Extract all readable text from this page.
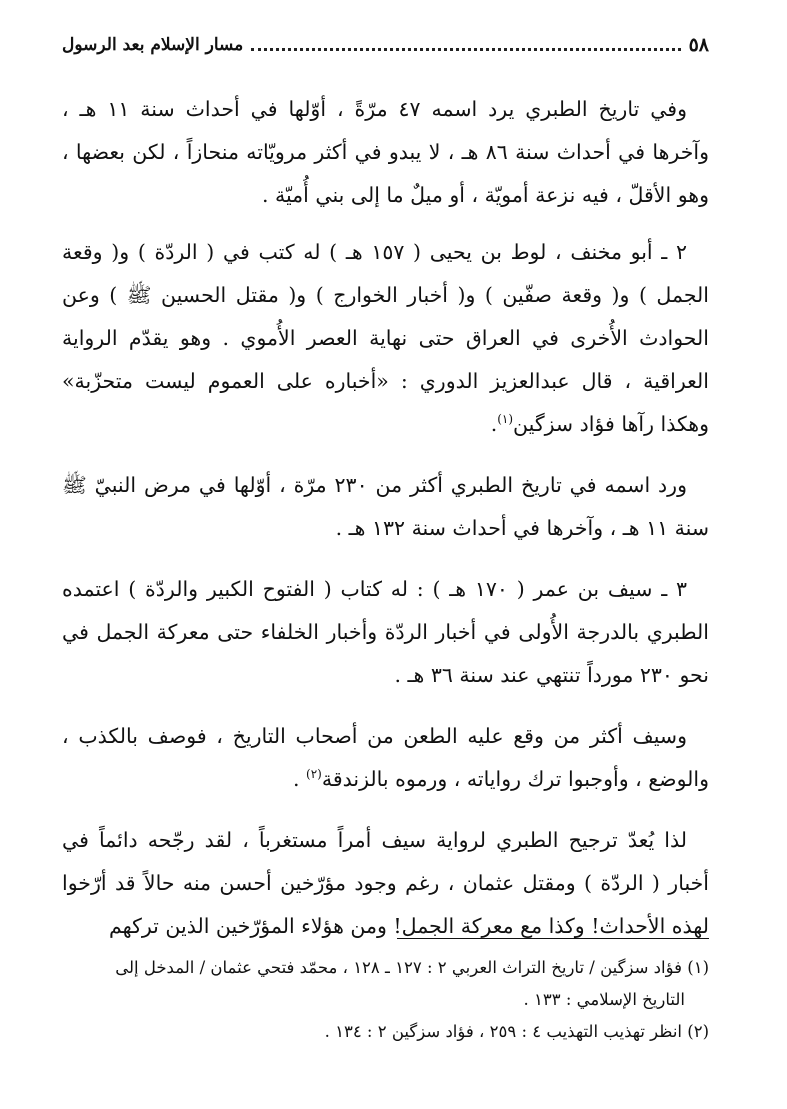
٥٨
مسار الإسلام بعد الرسول

وفي تاريخ الطبري يرد اسمه ٤٧ مرّةً ، أوّلها في أحداث سنة ١١ هـ ، وآخرها في أحداث سنة ٨٦ هـ ، لا يبدو في أكثر مرويّاته منحازاً ، لكن بعضها ، وهو الأقلّ ، فيه نزعة أمويّة ، أو ميلٌ ما إلى بني أُميّة .

٢ ـ أبو مخنف ، لوط بن يحيى ( ١٥٧ هـ ) له كتب في ( الردّة ) و( وقعة الجمل ) و( وقعة صفّين ) و( أخبار الخوارج ) و( مقتل الحسين ﷺ ) وعن الحوادث الأُخرى في العراق حتى نهاية العصر الأُموي . وهو يقدّم الرواية العراقية ، قال عبدالعزيز الدوري : «أخباره على العموم ليست متحزّبة» وهكذا رآها فؤاد سزگين$^{(١)}$.

ورد اسمه في تاريخ الطبري أكثر من ٢٣٠ مرّة ، أوّلها في مرض النبيّ ﷺ سنة ١١ هـ ، وآخرها في أحداث سنة ١٣٢ هـ .

٣ ـ سيف بن عمر ( ١٧٠ هـ ) : له كتاب ( الفتوح الكبير والردّة ) اعتمده الطبري بالدرجة الأُولى في أخبار الردّة وأخبار الخلفاء حتى معركة الجمل في نحو ٢٣٠ مورداً تنتهي عند سنة ٣٦ هـ .

وسيف أكثر من وقع عليه الطعن من أصحاب التاريخ ، فوصف بالكذب ، والوضع ، وأوجبوا ترك رواياته ، ورموه بالزندقة$^{(٢)}$ .

لذا يُعدّ ترجيح الطبري لرواية سيف أمراً مستغرباً ، لقد رجّحه دائماً في أخبار ( الردّة ) ومقتل عثمان ، رغم وجود مؤرّخين أحسن منه حالاً قد أرّخوا لهذه الأحداث! وكذا مع معركة الجمل! ومن هؤلاء المؤرّخين الذين تركهم

(١) فؤاد سزگين / تاريخ التراث العربي ٢ : ١٢٧ ـ ١٢٨ ، محمّد فتحي عثمان / المدخل إلى

التاريخ الإسلامي : ١٣٣ .

(٢) انظر تهذيب التهذيب ٤ : ٢٥٩ ، فؤاد سزگين ٢ : ١٣٤ .
